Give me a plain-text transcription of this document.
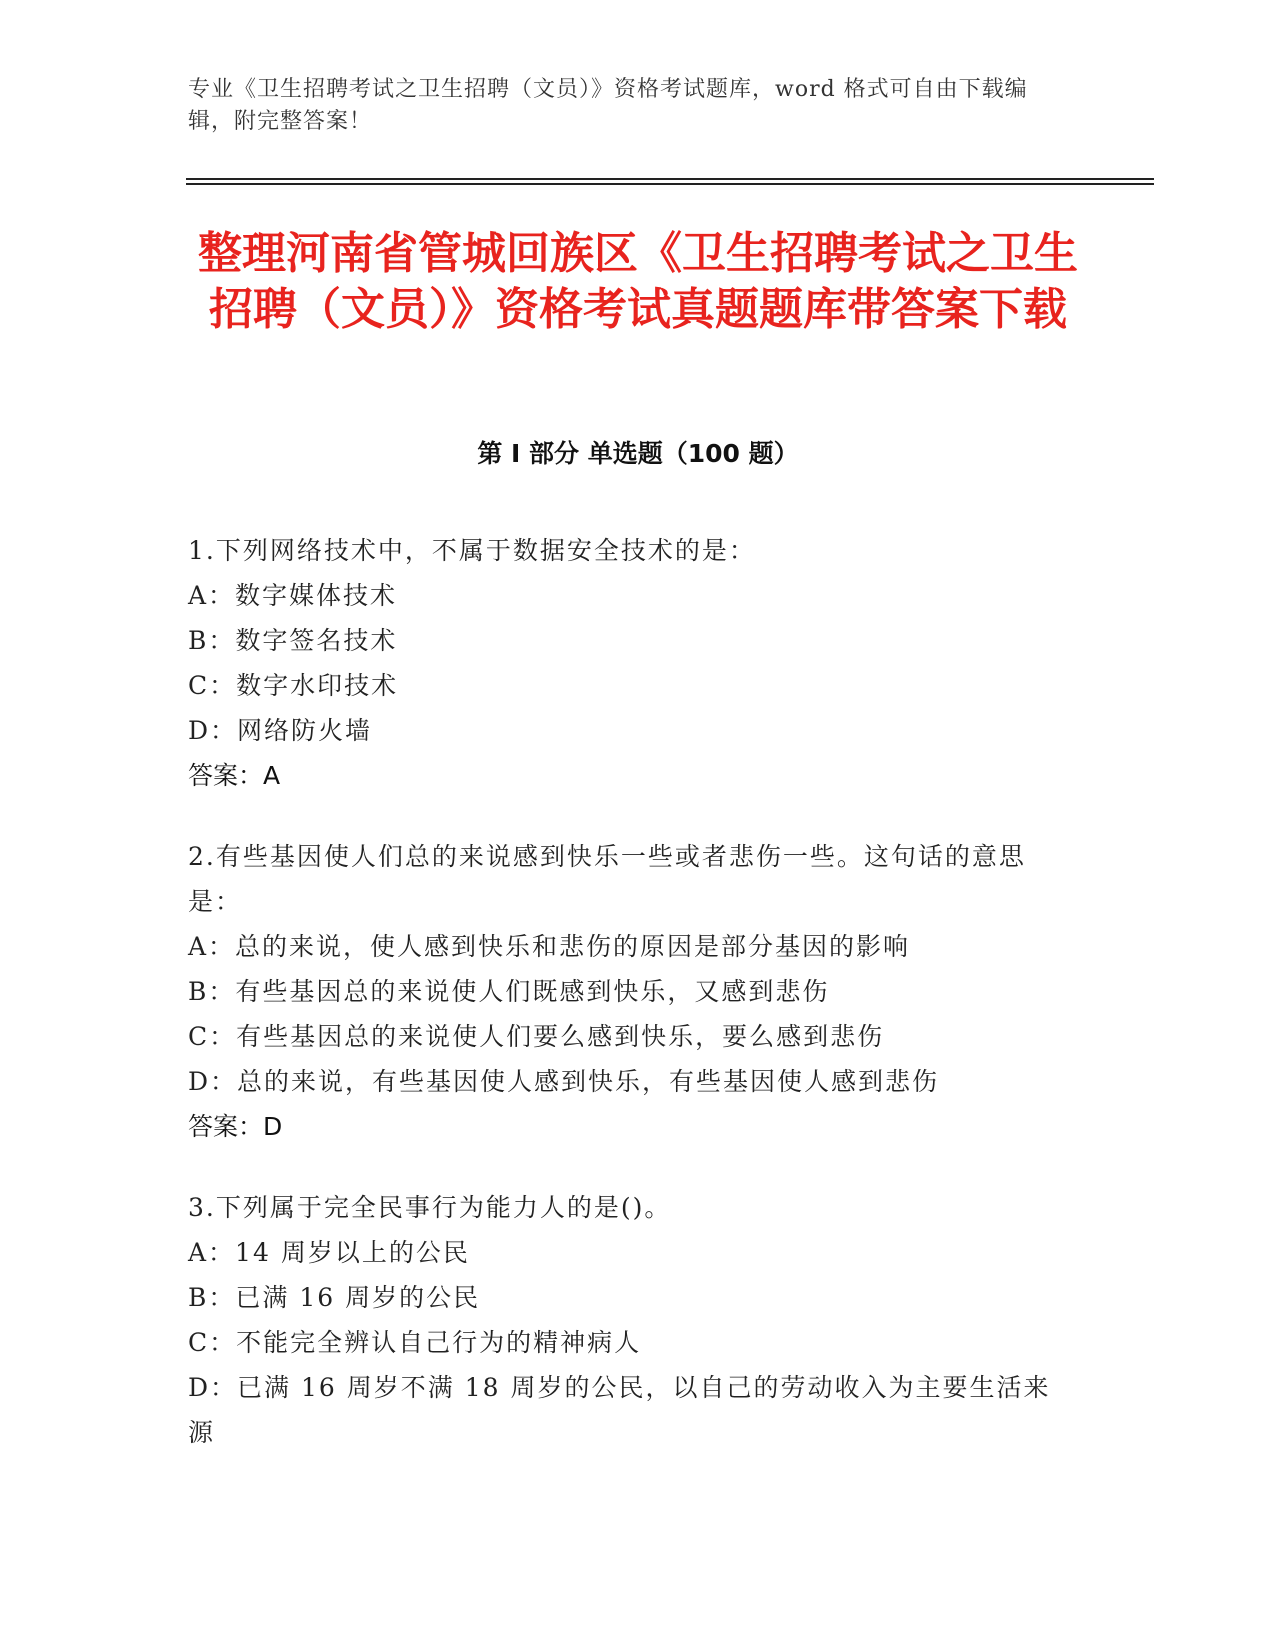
专业《卫生招聘考试之卫生招聘（文员）》资格考试题库，word 格式可自由下载编辑，附完整答案！
整理河南省管城回族区《卫生招聘考试之卫生招聘（文员）》资格考试真题题库带答案下载
第 I 部分 单选题（100 题）

1.下列网络技术中，不属于数据安全技术的是：

A：数字媒体技术

B：数字签名技术

C：数字水印技术

D：网络防火墙

答案：A

2.有些基因使人们总的来说感到快乐一些或者悲伤一些。这句话的意思是：

A：总的来说，使人感到快乐和悲伤的原因是部分基因的影响

B：有些基因总的来说使人们既感到快乐，又感到悲伤

C：有些基因总的来说使人们要么感到快乐，要么感到悲伤

D：总的来说，有些基因使人感到快乐，有些基因使人感到悲伤

答案：D

3.下列属于完全民事行为能力人的是()。

A：14 周岁以上的公民

B：已满 16 周岁的公民

C：不能完全辨认自己行为的精神病人

D：已满 16 周岁不满 18 周岁的公民，以自己的劳动收入为主要生活来源
